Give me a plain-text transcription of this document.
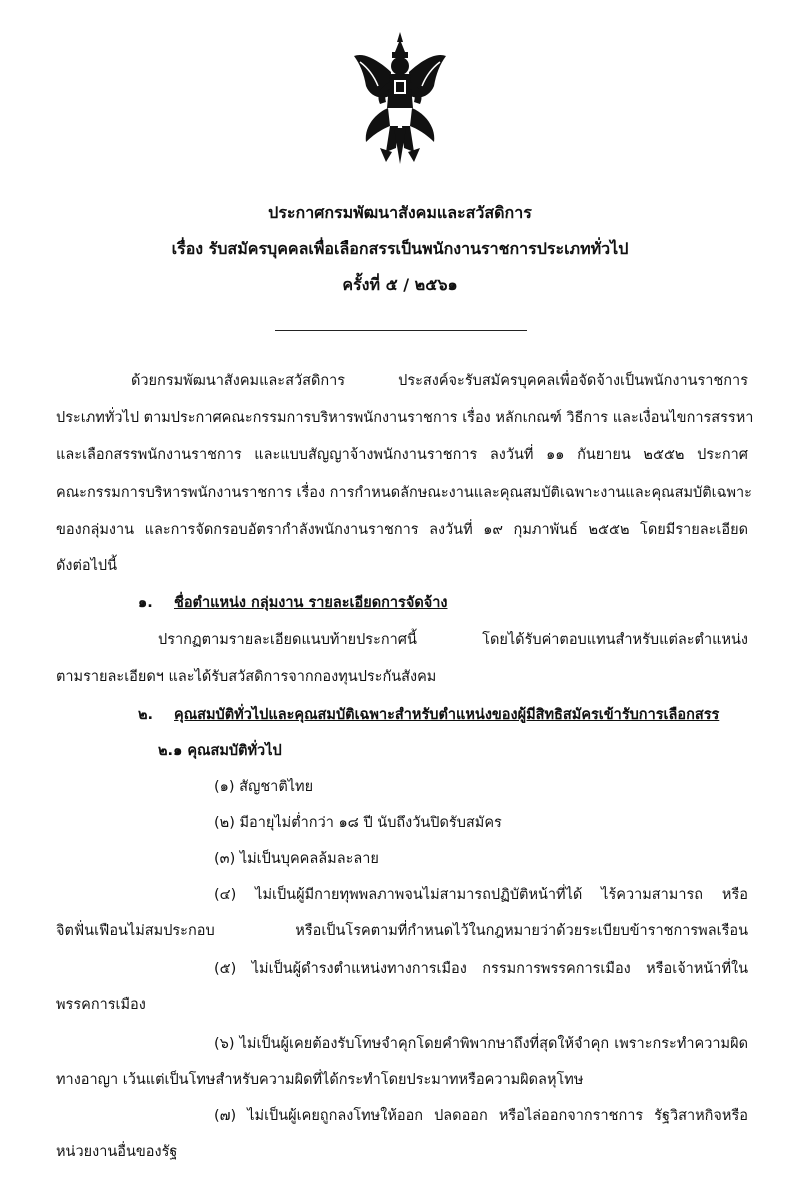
ประกาศกรมพัฒนาสังคมและสวัสดิการ
เรื่อง รับสมัครบุคคลเพื่อเลือกสรรเป็นพนักงานราชการประเภททั่วไป
ครั้งที่ ๕ / ๒๕๖๑
ด้วยกรมพัฒนาสังคมและสวัสดิการ ประสงค์จะรับสมัครบุคคลเพื่อจัดจ้างเป็นพนักงานราชการ
ประเภททั่วไป ตามประกาศคณะกรรมการบริหารพนักงานราชการ เรื่อง หลักเกณฑ์ วิธีการ และเงื่อนไขการสรรหา
และเลือกสรรพนักงานราชการ และแบบสัญญาจ้างพนักงานราชการ ลงวันที่ ๑๑ กันยายน ๒๕๕๒ ประกาศ
คณะกรรมการบริหารพนักงานราชการ เรื่อง การกำหนดลักษณะงานและคุณสมบัติเฉพาะงานและคุณสมบัติเฉพาะ
ของกลุ่มงาน และการจัดกรอบอัตรากำลังพนักงานราชการ ลงวันที่ ๑๙ กุมภาพันธ์ ๒๕๕๒ โดยมีรายละเอียด
ดังต่อไปนี้
๑. ชื่อตำแหน่ง กลุ่มงาน รายละเอียดการจัดจ้าง
ปรากฏตามรายละเอียดแนบท้ายประกาศนี้ โดยได้รับค่าตอบแทนสำหรับแต่ละตำแหน่ง
ตามรายละเอียดฯ และได้รับสวัสดิการจากกองทุนประกันสังคม
๒. คุณสมบัติทั่วไปและคุณสมบัติเฉพาะสำหรับตำแหน่งของผู้มีสิทธิสมัครเข้ารับการเลือกสรร
๒.๑ คุณสมบัติทั่วไป
(๑) สัญชาติไทย
(๒) มีอายุไม่ต่ำกว่า ๑๘ ปี นับถึงวันปิดรับสมัคร
(๓) ไม่เป็นบุคคลล้มละลาย
(๔) ไม่เป็นผู้มีกายทุพพลภาพจนไม่สามารถปฏิบัติหน้าที่ได้ ไร้ความสามารถ หรือ
จิตฟั่นเฟือนไม่สมประกอบ หรือเป็นโรคตามที่กำหนดไว้ในกฎหมายว่าด้วยระเบียบข้าราชการพลเรือน
(๕) ไม่เป็นผู้ดำรงตำแหน่งทางการเมือง กรรมการพรรคการเมือง หรือเจ้าหน้าที่ใน
พรรคการเมือง
(๖) ไม่เป็นผู้เคยต้องรับโทษจำคุกโดยคำพิพากษาถึงที่สุดให้จำคุก เพราะกระทำความผิด
ทางอาญา เว้นแต่เป็นโทษสำหรับความผิดที่ได้กระทำโดยประมาทหรือความผิดลหุโทษ
(๗) ไม่เป็นผู้เคยถูกลงโทษให้ออก ปลดออก หรือไล่ออกจากราชการ รัฐวิสาหกิจหรือ
หน่วยงานอื่นของรัฐ
